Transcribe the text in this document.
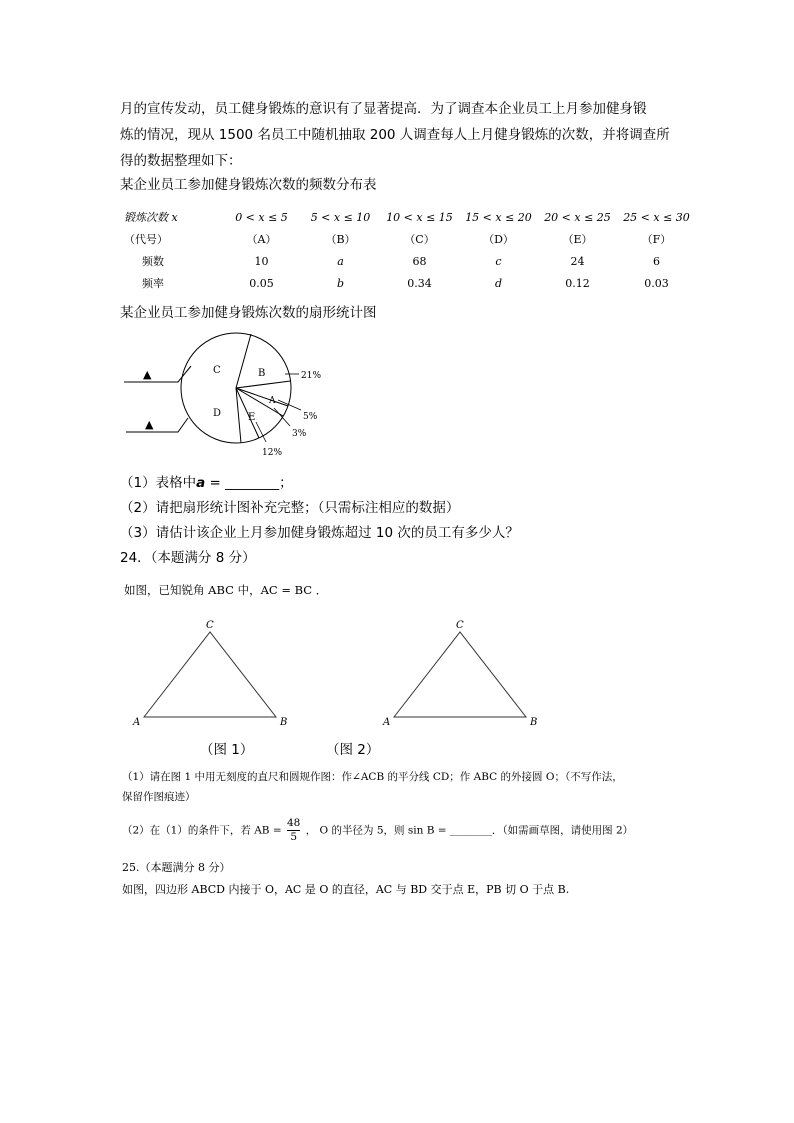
月的宣传发动，员工健身锻炼的意识有了显著提高．为了调查本企业员工上月参加健身锻
炼的情况，现从 1500 名员工中随机抽取 200 人调查每人上月健身锻炼的次数，并将调查所
得的数据整理如下：
某企业员工参加健身锻炼次数的频数分布表
锻炼次数 x	0 < x ≤ 5	5 < x ≤ 10	10 < x ≤ 15	15 < x ≤ 20	20 < x ≤ 25	25 < x ≤ 30
（代号）	（A）	（B）	（C）	（D）	（E）	（F）
频数	10	a	68	c	24	6
频率	0.05	b	0.34	d	0.12	0.03
某企业员工参加健身锻炼次数的扇形统计图
C	B
A
E
D
21%
5%
3%
12%
▲
▲
（1）表格中a = ________；
（2）请把扇形统计图补充完整；（只需标注相应的数据）
（3）请估计该企业上月参加健身锻炼超过 10 次的员工有多少人？
24．（本题满分 8 分）
如图，已知锐角 ABC 中，AC = BC ．
C
A	B
C
A	B
（图 1）	（图 2）
（1）请在图 1 中用无刻度的直尺和圆规作图：作∠ACB 的平分线 CD；作 ABC 的外接圆 O；（不写作法，
保留作图痕迹）
（2）在（1）的条件下，若 AB = $\frac{48}{5}$ ， O 的半径为 5，则 sin B = ________．（如需画草图，请使用图 2）
25.（本题满分 8 分）
如图，四边形 ABCD 内接于 O，AC 是 O 的直径，AC 与 BD 交于点 E，PB 切 O 于点 B.
